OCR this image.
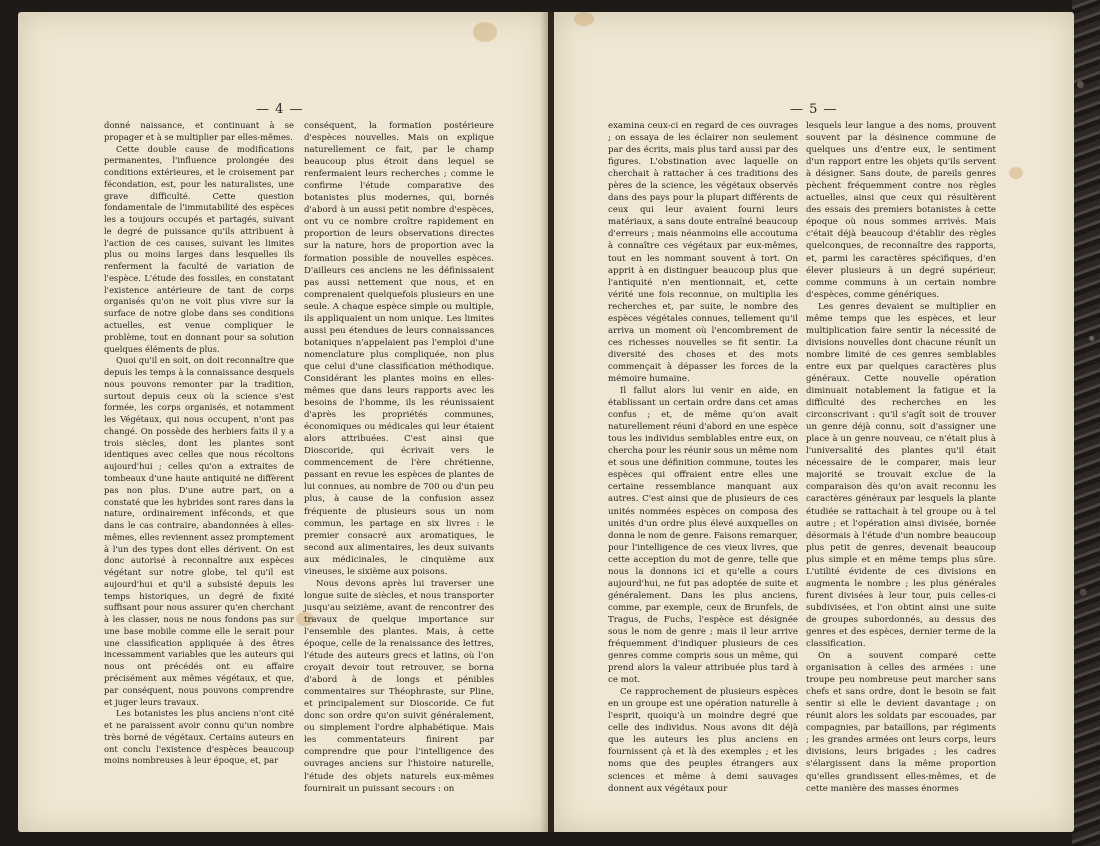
— 4 —

donné naissance, et continuant à se propager et à se multiplier par elles-mêmes.

Cette double cause de modifications permanentes, l'influence prolongée des conditions extérieures, et le croisement par fécondation, est, pour les naturalistes, une grave difficulté. Cette question fondamentale de l'immutabilité des espèces les a toujours occupés et partagés, suivant le degré de puissance qu'ils attribuent à l'action de ces causes, suivant les limites plus ou moins larges dans lesquelles ils renferment la faculté de variation de l'espèce. L'étude des fossiles, en constatant l'existence antérieure de tant de corps organisés qu'on ne voit plus vivre sur la surface de notre globe dans ses conditions actuelles, est venue compliquer le problème, tout en donnant pour sa solution quelques éléments de plus.

Quoi qu'il en soit, on doit reconnaître que depuis les temps à la connaissance desquels nous pouvons remonter par la tradition, surtout depuis ceux où la science s'est formée, les corps organisés, et notamment les Végétaux, qui nous occupent, n'ont pas changé. On possède des herbiers faits il y a trois siècles, dont les plantes sont identiques avec celles que nous récoltons aujourd'hui ; celles qu'on a extraites de tombeaux d'une haute antiquité ne diffèrent pas non plus. D'une autre part, on a constaté que les hybrides sont rares dans la nature, ordinairement inféconds, et que dans le cas contraire, abandonnées à elles-mêmes, elles reviennent assez promptement à l'un des types dont elles dérivent. On est donc autorisé à reconnaître aux espèces végétant sur notre globe, tel qu'il est aujourd'hui et qu'il a subsisté depuis les temps historiques, un degré de fixité suffisant pour nous assurer qu'en cherchant à les classer, nous ne nous fondons pas sur une base mobile comme elle le serait pour une classification appliquée à des êtres incessamment variables que les auteurs qui nous ont précédés ont eu affaire précisément aux mêmes végétaux, et que, par conséquent, nous pouvons comprendre et juger leurs travaux.

Les botanistes les plus anciens n'ont cité et ne paraissent avoir connu qu'un nombre très borné de végétaux. Certains auteurs en ont conclu l'existence d'espèces beaucoup moins nombreuses à leur époque, et, par

conséquent, la formation postérieure d'espèces nouvelles. Mais on explique naturellement ce fait, par le champ beaucoup plus étroit dans lequel se renfermaient leurs recherches ; comme le confirme l'étude comparative des botanistes plus modernes, qui, bornés d'abord à un aussi petit nombre d'espèces, ont vu ce nombre croître rapidement en proportion de leurs observations directes sur la nature, hors de proportion avec la formation possible de nouvelles espèces. D'ailleurs ces anciens ne les définissaient pas aussi nettement que nous, et en comprenaient quelquefois plusieurs en une seule. A chaque espèce simple ou multiple, ils appliquaient un nom unique. Les limites aussi peu étendues de leurs connaissances botaniques n'appelaient pas l'emploi d'une nomenclature plus compliquée, non plus que celui d'une classification méthodique. Considérant les plantes moins en elles-mêmes que dans leurs rapports avec les besoins de l'homme, ils les réunissaient d'après les propriétés communes, économiques ou médicales qui leur étaient alors attribuées. C'est ainsi que Dioscoride, qui écrivait vers le commencement de l'ère chrétienne, passant en revue les espèces de plantes de lui connues, au nombre de 700 ou d'un peu plus, à cause de la confusion assez fréquente de plusieurs sous un nom commun, les partage en six livres : le premier consacré aux aromatiques, le second aux alimentaires, les deux suivants aux médicinales, le cinquième aux vineuses, le sixième aux poisons.

Nous devons après lui traverser une longue suite de siècles, et nous transporter jusqu'au seizième, avant de rencontrer des travaux de quelque importance sur l'ensemble des plantes. Mais, à cette époque, celle de la renaissance des lettres, l'étude des auteurs grecs et latins, où l'on croyait devoir tout retrouver, se borna d'abord à de longs et pénibles commentaires sur Théophraste, sur Pline, et principalement sur Dioscoride. Ce fut donc son ordre qu'on suivit généralement, ou simplement l'ordre alphabétique. Mais les commentateurs finirent par comprendre que pour l'intelligence des ouvrages anciens sur l'histoire naturelle, l'étude des objets naturels eux-mêmes fournirait un puissant secours : on

— 5 —

examina ceux-ci en regard de ces ouvrages ; on essaya de les éclairer non seulement par des écrits, mais plus tard aussi par des figures. L'obstination avec laquelle on cherchait à rattacher à ces traditions des pères de la science, les végétaux observés dans des pays pour la plupart différents de ceux qui leur avaient fourni leurs matériaux, a sans doute entraîné beaucoup d'erreurs ; mais néanmoins elle accoutuma à connaître ces végétaux par eux-mêmes, tout en les nommant souvent à tort. On apprit à en distinguer beaucoup plus que l'antiquité n'en mentionnait, et, cette vérité une fois reconnue, on multiplia les recherches et, par suite, le nombre des espèces végétales connues, tellement qu'il arriva un moment où l'encombrement de ces richesses nouvelles se fit sentir. La diversité des choses et des mots commençait à dépasser les forces de la mémoire humaine.

Il fallut alors lui venir en aide, en établissant un certain ordre dans cet amas confus ; et, de même qu'on avait naturellement réuni d'abord en une espèce tous les individus semblables entre eux, on chercha pour les réunir sous un même nom et sous une définition commune, toutes les espèces qui offraient entre elles une certaine ressemblance manquant aux autres. C'est ainsi que de plusieurs de ces unités nommées espèces on composa des unités d'un ordre plus élevé auxquelles on donna le nom de genre. Faisons remarquer, pour l'intelligence de ces vieux livres, que cette acception du mot de genre, telle que nous la donnons ici et qu'elle a cours aujourd'hui, ne fut pas adoptée de suite et généralement. Dans les plus anciens, comme, par exemple, ceux de Brunfels, de Tragus, de Fuchs, l'espèce est désignée sous le nom de genre ; mais il leur arrive fréquemment d'indiquer plusieurs de ces genres comme compris sous un même, qui prend alors la valeur attribuée plus tard à ce mot.

Ce rapprochement de plusieurs espèces en un groupe est une opération naturelle à l'esprit, quoiqu'à un moindre degré que celle des individus. Nous avons dit déjà que les auteurs les plus anciens en fournissent çà et là des exemples ; et les noms que des peuples étrangers aux sciences et même à demi sauvages donnent aux végétaux pour

lesquels leur langue a des noms, prouvent souvent par la désinence commune de quelques uns d'entre eux, le sentiment d'un rapport entre les objets qu'ils servent à désigner. Sans doute, de pareils genres pèchent fréquemment contre nos règles actuelles, ainsi que ceux qui résultèrent des essais des premiers botanistes à cette époque où nous sommes arrivés. Mais c'était déjà beaucoup d'établir des règles quelconques, de reconnaître des rapports, et, parmi les caractères spécifiques, d'en élever plusieurs à un degré supérieur, comme communs à un certain nombre d'espèces, comme génériques.

Les genres devaient se multiplier en même temps que les espèces, et leur multiplication faire sentir la nécessité de divisions nouvelles dont chacune réunît un nombre limité de ces genres semblables entre eux par quelques caractères plus généraux. Cette nouvelle opération diminuait notablement la fatigue et la difficulté des recherches en les circonscrivant : qu'il s'agît soit de trouver un genre déjà connu, soit d'assigner une place à un genre nouveau, ce n'était plus à l'universalité des plantes qu'il était nécessaire de le comparer, mais leur majorité se trouvait exclue de la comparaison dès qu'on avait reconnu les caractères généraux par lesquels la plante étudiée se rattachait à tel groupe ou à tel autre ; et l'opération ainsi divisée, bornée désormais à l'étude d'un nombre beaucoup plus petit de genres, devenait beaucoup plus simple et en même temps plus sûre. L'utilité évidente de ces divisions en augmenta le nombre ; les plus générales furent divisées à leur tour, puis celles-ci subdivisées, et l'on obtint ainsi une suite de groupes subordonnés, au dessus des genres et des espèces, dernier terme de la classification.

On a souvent comparé cette organisation à celles des armées : une troupe peu nombreuse peut marcher sans chefs et sans ordre, dont le besoin se fait sentir si elle le devient davantage ; on réunit alors les soldats par escouades, par compagnies, par bataillons, par régiments ; les grandes armées ont leurs corps, leurs divisions, leurs brigades ; les cadres s'élargissent dans la même proportion qu'elles grandissent elles-mêmes, et de cette manière des masses énormes
